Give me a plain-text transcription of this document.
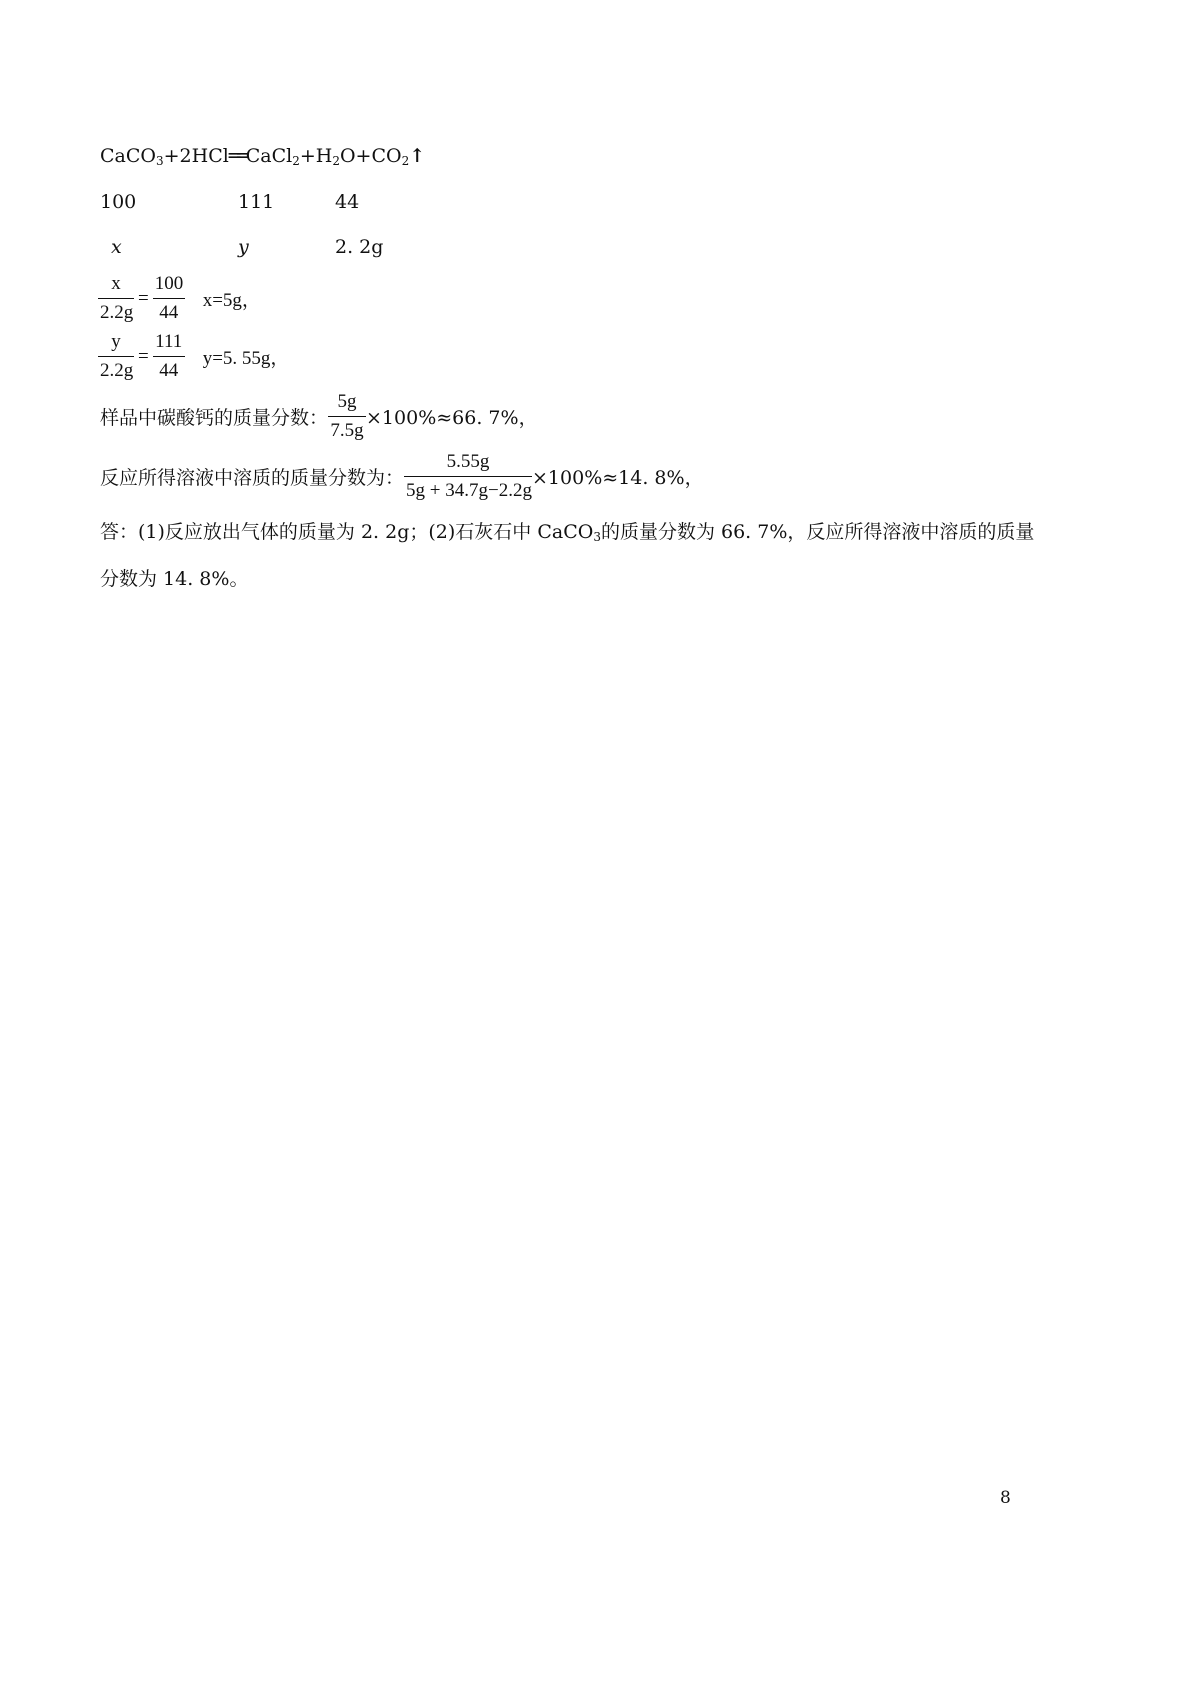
$CaCO_3+2HCl══CaCl_2+H_2O+CO_2↑$
100	111	44
x	y	2. 2g
$\frac{x}{2.2g} = \frac{100}{44} x=5g$，
$\frac{y}{2.2g} = \frac{111}{44} y=5$. 55g，
样品中碳酸钙的质量分数： $\frac{5g}{7.5g} \times 100\%\approx 66$. 7%，
反应所得溶液中溶质的质量分数为： $\frac{5.55g}{5g + 34.7g-2.2g} \times 100\%\approx 14$. 8%，
答：(1)反应放出气体的质量为 2. 2g；(2)石灰石中 CaCO$_3$的质量分数为 66. 7%，反应所得溶液中溶质的质量
分数为 14. 8%。
8
